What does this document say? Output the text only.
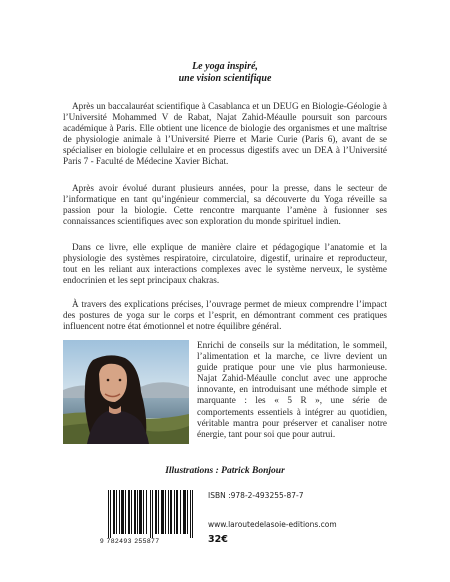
Le yoga inspiré,
une vision scientifique

Après un baccalauréat scientifique à Casablanca et un DEUG en Biologie-Géologie à l’Université Mohammed V de Rabat, Najat Zahid-Méaulle poursuit son parcours académique à Paris. Elle obtient une licence de biologie des organismes et une maîtrise de physiologie animale à l’Université Pierre et Marie Curie (Paris 6), avant de se spécialiser en biologie cellulaire et en processus digestifs avec un DEA à l’Université Paris 7 - Faculté de Médecine Xavier Bichat.

Après avoir évolué durant plusieurs années, pour la presse, dans le secteur de l’informatique en tant qu’ingénieur commercial, sa découverte du Yoga réveille sa passion pour la biologie. Cette rencontre marquante l’amène à fusionner ses connaissances scientifiques avec son exploration du monde spirituel indien.

Dans ce livre, elle explique de manière claire et pédagogique l’anatomie et la physiologie des systèmes respiratoire, circulatoire, digestif, urinaire et reproducteur, tout en les reliant aux interactions complexes avec le système nerveux, le système endocrinien et les sept principaux chakras.

À travers des explications précises, l’ouvrage permet de mieux comprendre l’impact des postures de yoga sur le corps et l’esprit, en démontrant comment ces pratiques influencent notre état émotionnel et notre équilibre général.

Enrichi de conseils sur la méditation, le sommeil, l’alimentation et la marche, ce livre devient un guide pratique pour une vie plus harmonieuse. Najat Zahid-Méaulle conclut avec une approche innovante, en introduisant une méthode simple et marquante : les « 5 R », une série de comportements essentiels à intégrer au quotidien, véritable mantra pour préserver et canaliser notre énergie, tant pour soi que pour autrui.

Illustrations : Patrick Bonjour
9 782493 255877
ISBN :978-2-493255-87-7
www.laroutedelasoie-editions.com
32€
